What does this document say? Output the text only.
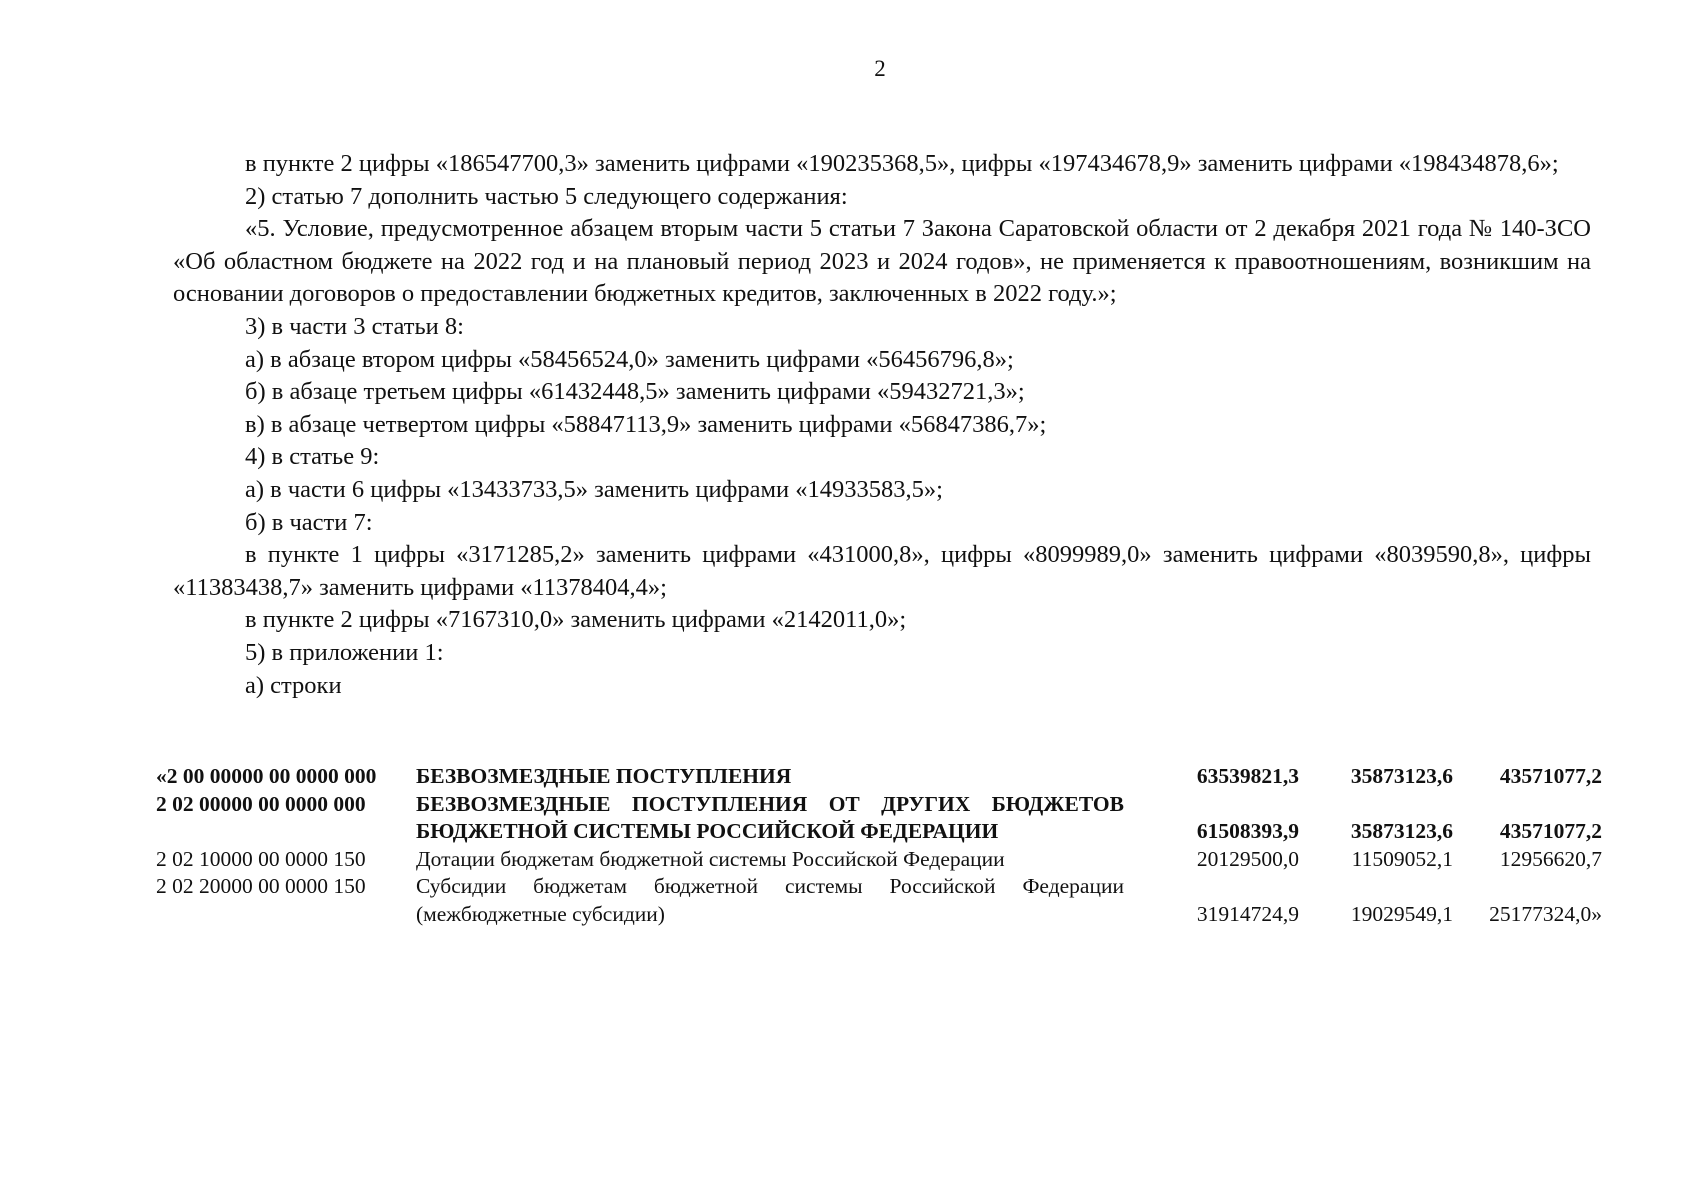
2

в пункте 2 цифры «186547700,3» заменить цифрами «190235368,5», цифры «197434678,9» заменить цифрами «198434878,6»;

2) статью 7 дополнить частью 5 следующего содержания:

«5. Условие, предусмотренное абзацем вторым части 5 статьи 7 Закона Саратовской области от 2 декабря 2021 года № 140-ЗСО «Об областном бюджете на 2022 год и на плановый период 2023 и 2024 годов», не применяется к правоотношениям, возникшим на основании договоров о предоставлении бюджетных кредитов, заключенных в 2022 году.»;

3) в части 3 статьи 8:

а) в абзаце втором цифры «58456524,0» заменить цифрами «56456796,8»;

б) в абзаце третьем цифры «61432448,5» заменить цифрами «59432721,3»;

в) в абзаце четвертом цифры «58847113,9» заменить цифрами «56847386,7»;

4) в статье 9:

а) в части 6 цифры «13433733,5» заменить цифрами «14933583,5»;

б) в части 7:

в пункте 1 цифры «3171285,2» заменить цифрами «431000,8», цифры «8099989,0» заменить цифрами «8039590,8», цифры «11383438,7» заменить цифрами «11378404,4»;

в пункте 2 цифры «7167310,0» заменить цифрами «2142011,0»;

5) в приложении 1:

а) строки

«2 00 00000 00 0000 000	БЕЗВОЗМЕЗДНЫЕ ПОСТУПЛЕНИЯ	63539821,3	35873123,6	43571077,2
2 02 00000 00 0000 000	БЕЗВОЗМЕЗДНЫЕ ПОСТУПЛЕНИЯ ОТ ДРУГИХ БЮДЖЕТОВ БЮДЖЕТНОЙ СИСТЕМЫ РОССИЙСКОЙ ФЕДЕРАЦИИ	61508393,9	35873123,6	43571077,2
2 02 10000 00 0000 150	Дотации бюджетам бюджетной системы Российской Федерации	20129500,0	11509052,1	12956620,7
2 02 20000 00 0000 150	Субсидии бюджетам бюджетной системы Российской Федерации (межбюджетные субсидии)	31914724,9	19029549,1	25177324,0»
